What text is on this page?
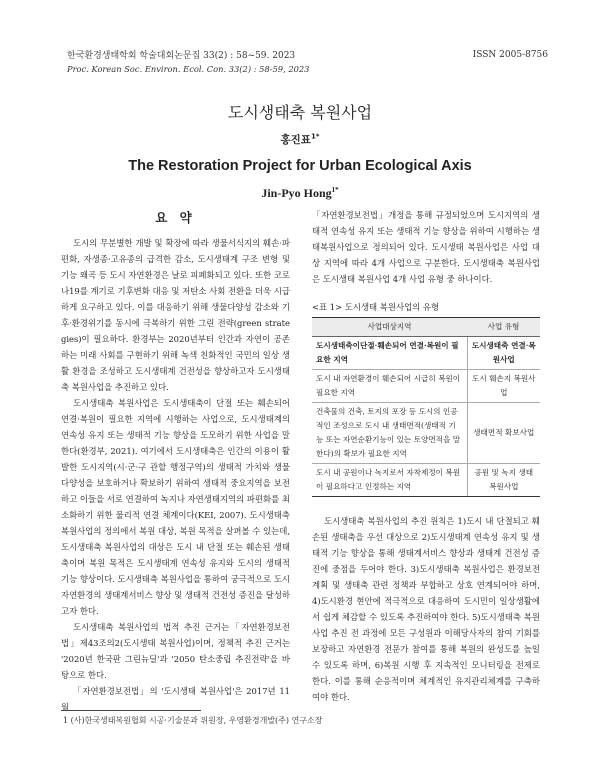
한국환경생태학회 학술대회논문집 33(2) : 58~59. 2023
Proc. Korean Soc. Environ. Ecol. Con. 33(2) : 58-59, 2023
ISSN 2005-8756
도시생태축 복원사업
홍진표$^{1*}$
The Restoration Project for Urban Ecological Axis
Jin-Pyo Hong$^{1*}$
요 약

도시의 무분별한 개발 및 확장에 따라 생물서식지의 훼손·파편화, 자생종·고유종의 급격한 감소, 도시생태계 구조 변형 및 기능 왜곡 등 도시 자연환경은 날로 피폐화되고 있다. 또한 코로나19를 계기로 기후변화 대응 및 저탄소 사회 전환을 더욱 시급하게 요구하고 있다. 이를 대응하기 위해 생물다양성 감소와 기후·환경위기를 동시에 극복하기 위한 그린 전략(green strategies)이 필요하다. 환경부는 2020년부터 인간과 자연이 공존하는 미래 사회를 구현하기 위해 녹색 친화적인 국민의 일상 생활 환경을 조성하고 도시생태계 건전성을 향상하고자 도시생태축 복원사업을 추진하고 있다.

도시생태축 복원사업은 도시생태축이 단절 또는 훼손되어 연결·복원이 필요한 지역에 시행하는 사업으로, 도시생태계의 연속성 유지 또는 생태적 기능 향상을 도모하기 위한 사업을 말한다(환경부, 2021). 여기에서 도시생태축은 인간의 이용이 활발한 도시지역(시·군·구 관할 행정구역)의 생태적 가치와 생물다양성을 보호하거나 확보하기 위하여 생태적 중요지역을 보전하고 이들을 서로 연결하여 녹지나 자연생태지역의 파편화를 최소화하기 위한 물리적 연결 체계이다(KEI, 2007). 도시생태축 복원사업의 정의에서 복원 대상, 복원 목적을 살펴볼 수 있는데, 도시생태축 복원사업의 대상은 도시 내 단절 또는 훼손된 생태축이며 복원 목적은 도시생태계 연속성 유지와 도시의 생태적 기능 향상이다. 도시생태축 복원사업을 통하여 궁극적으로 도시 자연환경의 생태계서비스 향상 및 생태적 건전성 증진을 달성하고자 한다.

도시생태축 복원사업의 법적 추진 근거는「자연환경보전법」제43조의2(도시생태 복원사업)이며, 정책적 추진 근거는 '2020년 한국판 그린뉴딜'과 '2050 탄소중립 추진전략'을 바탕으로 한다.

「자연환경보전법」의 '도시생태 복원사업'은 2017년 11월

「자연환경보전법」개정을 통해 규정되었으며 도시지역의 생태적 연속성 유지 또는 생태적 기능 향상을 위하여 시행하는 생태복원사업으로 정의되어 있다. 도시생태 복원사업은 사업 대상 지역에 따라 4개 사업으로 구분한다. 도시생태축 복원사업은 도시생태 복원사업 4개 사업 유형 중 하나이다.

<표 1> 도시생태 복원사업의 유형
사업대상지역	사업 유형
도시생태축이단절·훼손되어 연결·복원이 필요한 지역	도시생태축 연결·복원사업
도시 내 자연환경이 훼손되어 시급히 복원이 필요한 지역	도시 훼손지 복원사업
건축물의 건축, 토지의 포장 등 도시의 인공적인 조성으로 도시 내 생태면적(생태적 기능 또는 자연순환기능이 있는 토양면적을 말한다)의 확보가 필요한 지역	생태면적 확보사업
도시 내 공원이나 녹지로서 자착제정이 복원이 필요하다고 인정하는 지역	공원 및 녹지 생태복원사업

도시생태축 복원사업의 추진 원칙은 1)도시 내 단절되고 훼손된 생태축을 우선 대상으로 2)도시생태계 연속성 유지 및 생태적 기능 향상을 통해 생태계서비스 향상과 생태계 건전성 증진에 중점을 두어야 한다. 3)도시생태축 복원사업은 환경보전계획 및 생태축 관련 정책과 부합하고 상호 연계되어야 하며, 4)도시환경 현안에 적극적으로 대응하여 도시민이 일상생활에서 쉽게 체감할 수 있도록 추진하여야 한다. 5)도시생태축 복원사업 추진 전 과정에 모든 구성원과 이해당사자의 참여 기회를 보장하고 자연환경 전문가 참여를 통해 복원의 완성도를 높일 수 있도록 하며, 6)복원 시행 후 지속적인 모니터링을 전제로 한다. 이를 통해 순응적이며 체계적인 유지관리체계를 구축하여야 한다.

1 (사)한국생태복원협회 시공·기술분과 위원장, 우영환경개발(주) 연구소장
